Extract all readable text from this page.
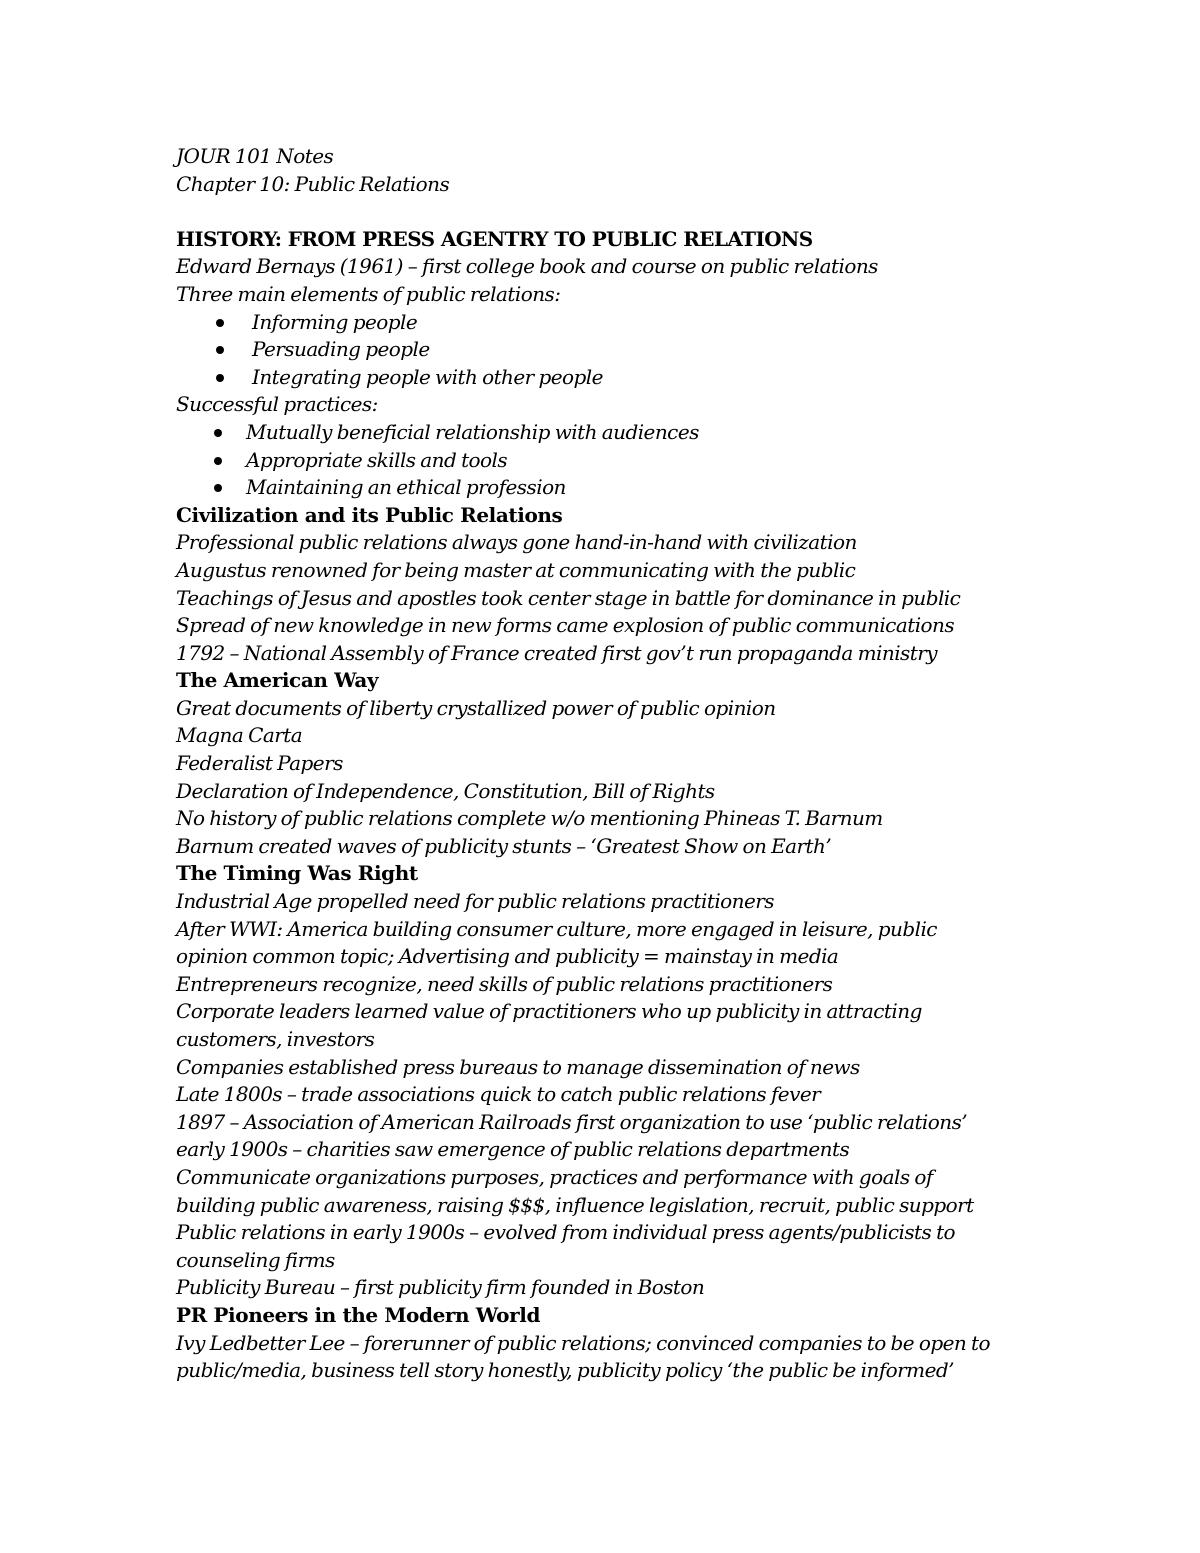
JOUR 101 Notes
Chapter 10: Public Relations
HISTORY: FROM PRESS AGENTRY TO PUBLIC RELATIONS
Edward Bernays (1961) – first college book and course on public relations
Three main elements of public relations:
Informing people
Persuading people
Integrating people with other people
Successful practices:
Mutually beneficial relationship with audiences
Appropriate skills and tools
Maintaining an ethical profession
Civilization and its Public Relations
Professional public relations always gone hand-in-hand with civilization
Augustus renowned for being master at communicating with the public
Teachings of Jesus and apostles took center stage in battle for dominance in public
Spread of new knowledge in new forms came explosion of public communications
1792 – National Assembly of France created first gov’t run propaganda ministry
The American Way
Great documents of liberty crystallized power of public opinion
Magna Carta
Federalist Papers
Declaration of Independence, Constitution, Bill of Rights
No history of public relations complete w/o mentioning Phineas T. Barnum
Barnum created waves of publicity stunts – ‘Greatest Show on Earth’
The Timing Was Right
Industrial Age propelled need for public relations practitioners
After WWI: America building consumer culture, more engaged in leisure, public
opinion common topic; Advertising and publicity = mainstay in media
Entrepreneurs recognize, need skills of public relations practitioners
Corporate leaders learned value of practitioners who up publicity in attracting
customers, investors
Companies established press bureaus to manage dissemination of news
Late 1800s – trade associations quick to catch public relations fever
1897 – Association of American Railroads first organization to use ‘public relations’
early 1900s – charities saw emergence of public relations departments
Communicate organizations purposes, practices and performance with goals of
building public awareness, raising $$$, influence legislation, recruit, public support
Public relations in early 1900s – evolved from individual press agents/publicists to
counseling firms
Publicity Bureau – first publicity firm founded in Boston
PR Pioneers in the Modern World
Ivy Ledbetter Lee – forerunner of public relations; convinced companies to be open to
public/media, business tell story honestly, publicity policy ‘the public be informed’
